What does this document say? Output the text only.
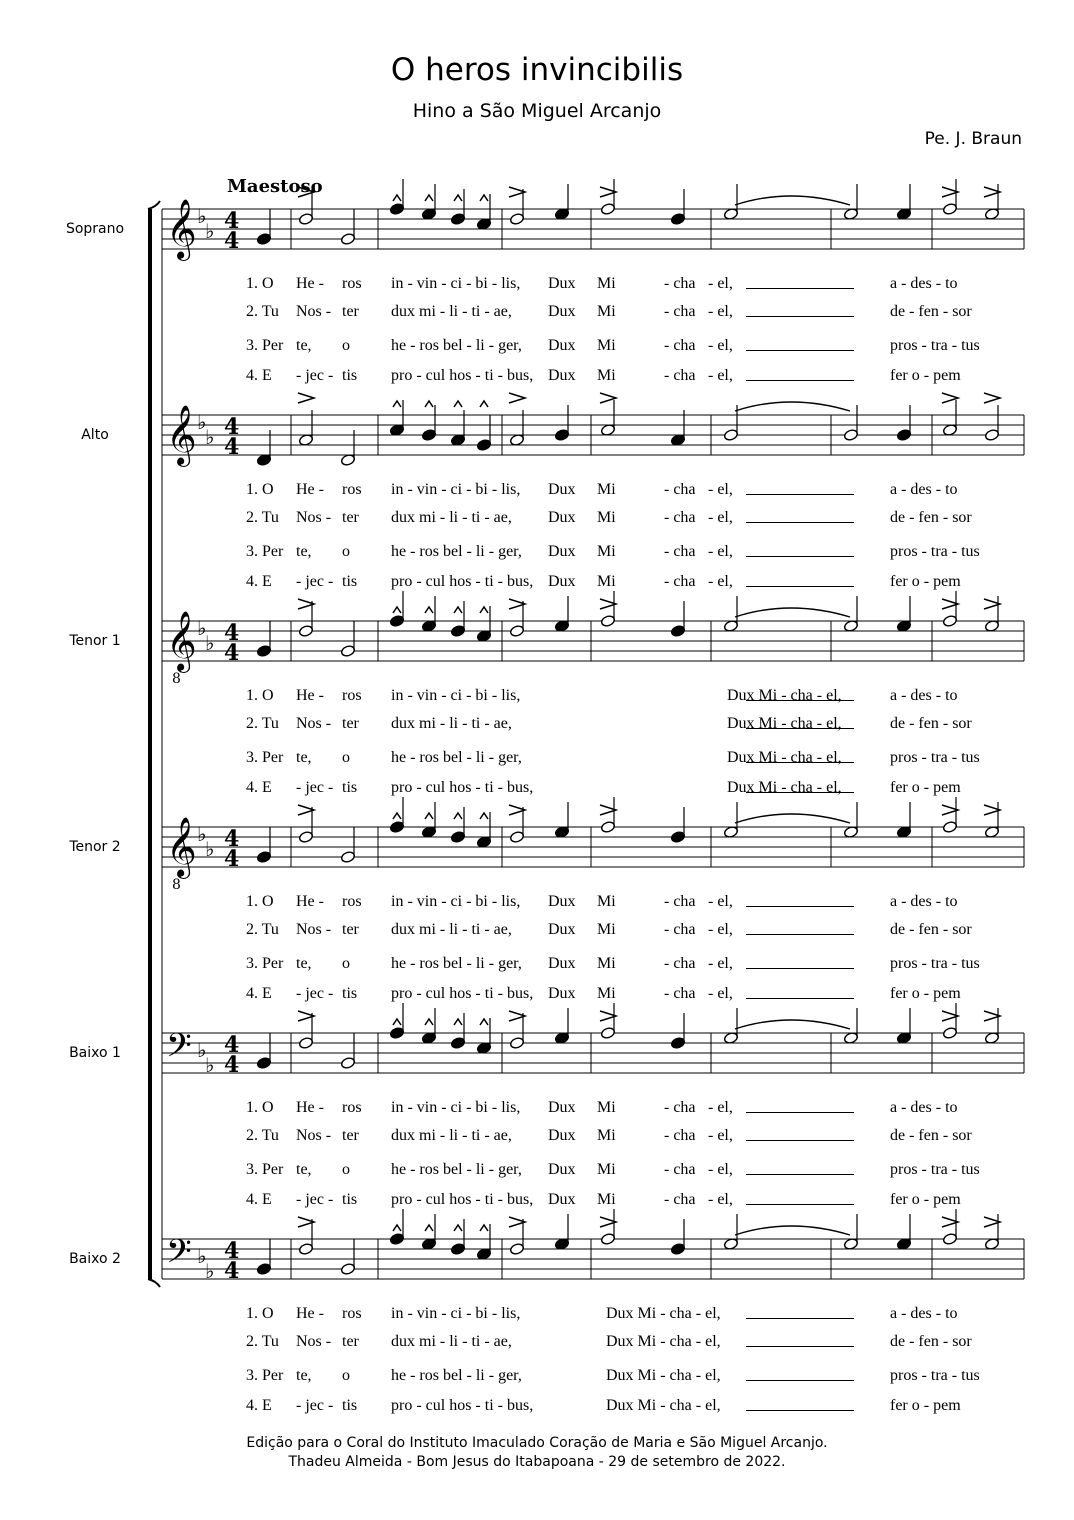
O heros invincibilis
Hino a São Miguel Arcanjo
Pe. J. Braun
Maestoso
Soprano
Alto
Tenor 1
Tenor 2
Baixo 1
Baixo 2
1. O He - ros in - vin - ci - bi - lis, Dux Mi	- cha - el,	a - des - to
2. Tu Nos - ter dux mi - li - ti - ae, Dux Mi	- cha - el,	de - fen - sor
3. Per te, o	he - ros bel - li - ger, Dux Mi	- cha - el,	pros - tra - tus
4. E - jec - tis pro - cul hos - ti - bus, Dux Mi	- cha - el,	fer o - pem
1. O He - ros in - vin - ci - bi - lis, Dux Mi	- cha - el,	a - des - to
2. Tu Nos - ter dux mi - li - ti - ae, Dux Mi	- cha - el,	de - fen - sor
3. Per te, o	he - ros bel - li - ger, Dux Mi	- cha - el,	pros - tra - tus
4. E - jec - tis pro - cul hos - ti - bus, Dux Mi	- cha - el,	fer o - pem
1. O He - ros in - vin - ci - bi - lis,	Dux Mi - cha - el,	a - des - to
2. Tu Nos - ter dux mi - li - ti - ae,	Dux Mi - cha - el,	de - fen - sor
3. Per te, o	he - ros bel - li - ger,	Dux Mi - cha - el,	pros - tra - tus
4. E - jec - tis pro - cul hos - ti - bus,	Dux Mi - cha - el,	fer o - pem
1. O He - ros in - vin - ci - bi - lis, Dux Mi	- cha - el,	a - des - to
2. Tu Nos - ter dux mi - li - ti - ae, Dux Mi	- cha - el,	de - fen - sor
3. Per te, o	he - ros bel - li - ger, Dux Mi	- cha - el,	pros - tra - tus
4. E - jec - tis pro - cul hos - ti - bus, Dux Mi	- cha - el,	fer o - pem
1. O He - ros in - vin - ci - bi - lis, Dux Mi	- cha - el,	a - des - to
2. Tu Nos - ter dux mi - li - ti - ae, Dux Mi	- cha - el,	de - fen - sor
3. Per te, o	he - ros bel - li - ger, Dux Mi	- cha - el,	pros - tra - tus
4. E - jec - tis pro - cul hos - ti - bus, Dux Mi	- cha - el,	fer o - pem
1. O He - ros in - vin - ci - bi - lis,	Dux Mi - cha - el,	a - des - to
2. Tu Nos - ter dux mi - li - ti - ae,	Dux Mi - cha - el,	de - fen - sor
3. Per te, o	he - ros bel - li - ger,	Dux Mi - cha - el,	pros - tra - tus
4. E - jec - tis pro - cul hos - ti - bus,	Dux Mi - cha - el,	fer o - pem
𝄞 ♭
♭ 4
4
𝄞 ♭
♭ 4
4
𝄞
8
♭
♭ 4
4
𝄞
8
♭
♭ 4
4
𝄢 ♭
♭
4
4
𝄢 ♭
♭
4
4
Edição para o Coral do Instituto Imaculado Coração de Maria e São Miguel Arcanjo.
Thadeu Almeida - Bom Jesus do Itabapoana - 29 de setembro de 2022.
